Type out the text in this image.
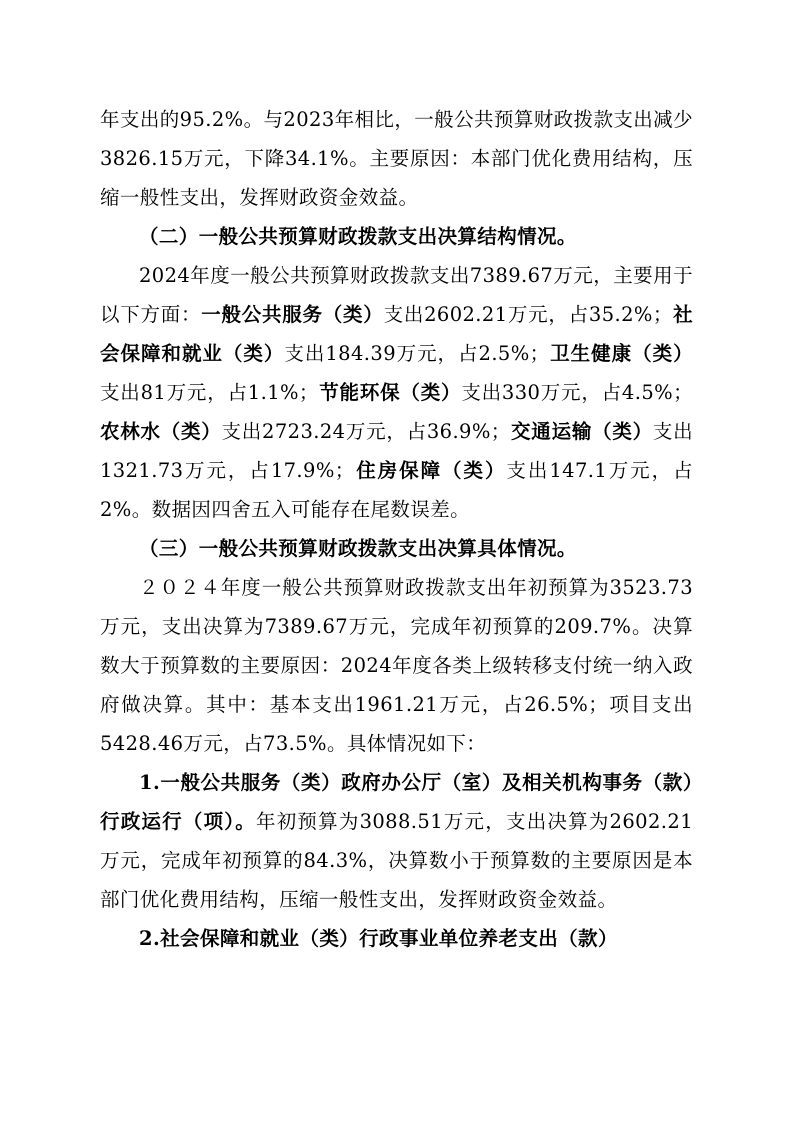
年支出的95.2%。与2023年相比，一般公共预算财政拨款支出减少3826.15万元，下降34.1%。主要原因：本部门优化费用结构，压缩一般性支出，发挥财政资金效益。

（二）一般公共预算财政拨款支出决算结构情况。

2024年度一般公共预算财政拨款支出7389.67万元，主要用于以下方面：一般公共服务（类）支出2602.21万元，占35.2%；社会保障和就业（类）支出184.39万元，占2.5%；卫生健康（类）支出81万元，占1.1%；节能环保（类）支出330万元，占4.5%；农林水（类）支出2723.24万元，占36.9%；交通运输（类）支出1321.73万元，占17.9%；住房保障（类）支出147.1万元，占2%。数据因四舍五入可能存在尾数误差。

（三）一般公共预算财政拨款支出决算具体情况。

２０２４年度一般公共预算财政拨款支出年初预算为3523.73万元，支出决算为7389.67万元，完成年初预算的209.7%。决算数大于预算数的主要原因：2024年度各类上级转移支付统一纳入政府做决算。其中：基本支出1961.21万元，占26.5%；项目支出5428.46万元，占73.5%。具体情况如下：

1.一般公共服务（类）政府办公厅（室）及相关机构事务（款）行政运行（项）。年初预算为3088.51万元，支出决算为2602.21万元，完成年初预算的84.3%，决算数小于预算数的主要原因是本部门优化费用结构，压缩一般性支出，发挥财政资金效益。

2.社会保障和就业（类）行政事业单位养老支出（款）
